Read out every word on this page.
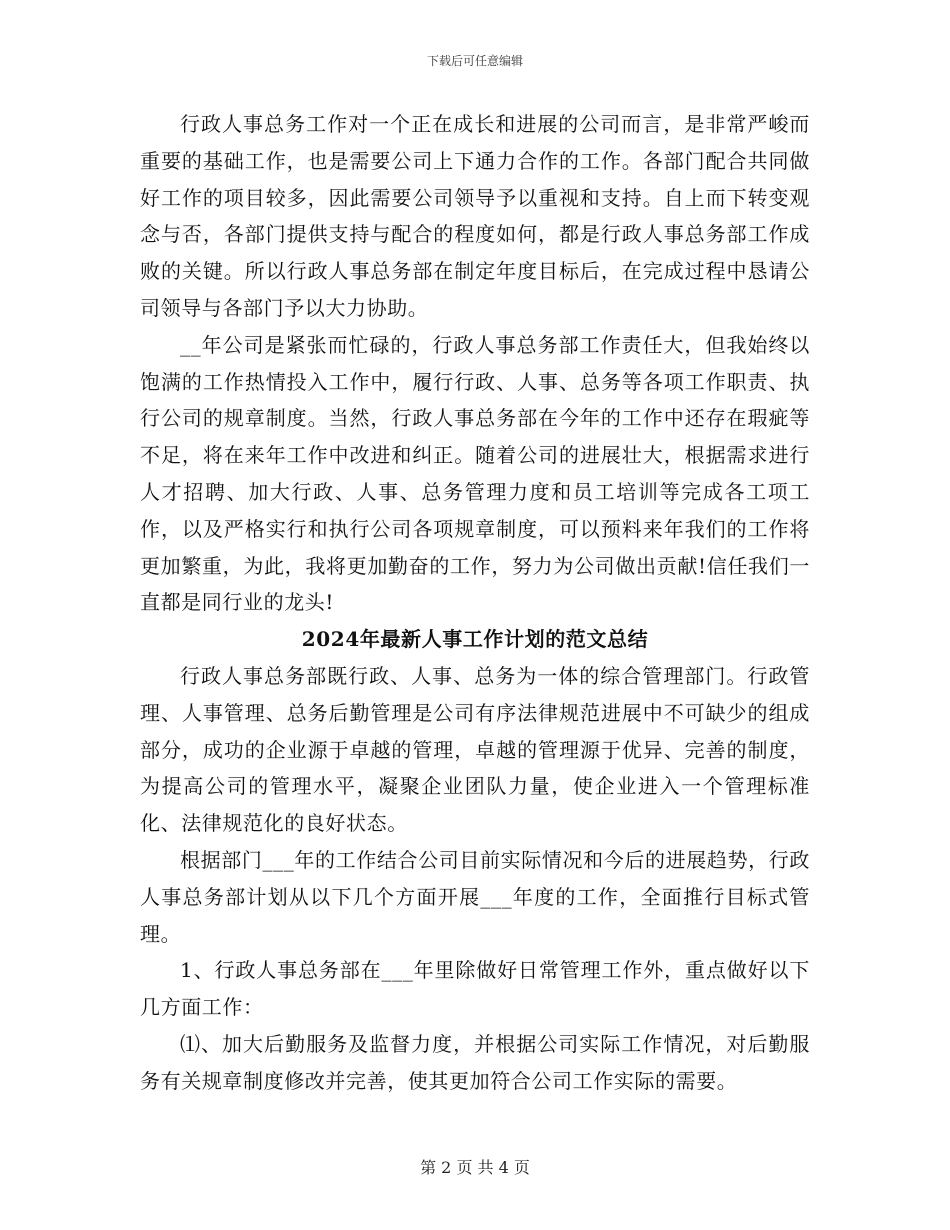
下载后可任意编辑

行政人事总务工作对一个正在成长和进展的公司而言，是非常严峻而重要的基础工作，也是需要公司上下通力合作的工作。各部门配合共同做好工作的项目较多，因此需要公司领导予以重视和支持。自上而下转变观念与否，各部门提供支持与配合的程度如何，都是行政人事总务部工作成败的关键。所以行政人事总务部在制定年度目标后，在完成过程中恳请公司领导与各部门予以大力协助。

__年公司是紧张而忙碌的，行政人事总务部工作责任大，但我始终以饱满的工作热情投入工作中，履行行政、人事、总务等各项工作职责、执行公司的规章制度。当然，行政人事总务部在今年的工作中还存在瑕疵等不足，将在来年工作中改进和纠正。随着公司的进展壮大，根据需求进行人才招聘、加大行政、人事、总务管理力度和员工培训等完成各工项工作，以及严格实行和执行公司各项规章制度，可以预料来年我们的工作将更加繁重，为此，我将更加勤奋的工作，努力为公司做出贡献!信任我们一直都是同行业的龙头!

2024年最新人事工作计划的范文总结

行政人事总务部既行政、人事、总务为一体的综合管理部门。行政管理、人事管理、总务后勤管理是公司有序法律规范进展中不可缺少的组成部分，成功的企业源于卓越的管理，卓越的管理源于优异、完善的制度，为提高公司的管理水平，凝聚企业团队力量，使企业进入一个管理标准化、法律规范化的良好状态。

根据部门___年的工作结合公司目前实际情况和今后的进展趋势，行政人事总务部计划从以下几个方面开展___年度的工作，全面推行目标式管理。

1、行政人事总务部在___年里除做好日常管理工作外，重点做好以下几方面工作：

⑴、加大后勤服务及监督力度，并根据公司实际工作情况，对后勤服务有关规章制度修改并完善，使其更加符合公司工作实际的需要。

第 2 页 共 4 页
